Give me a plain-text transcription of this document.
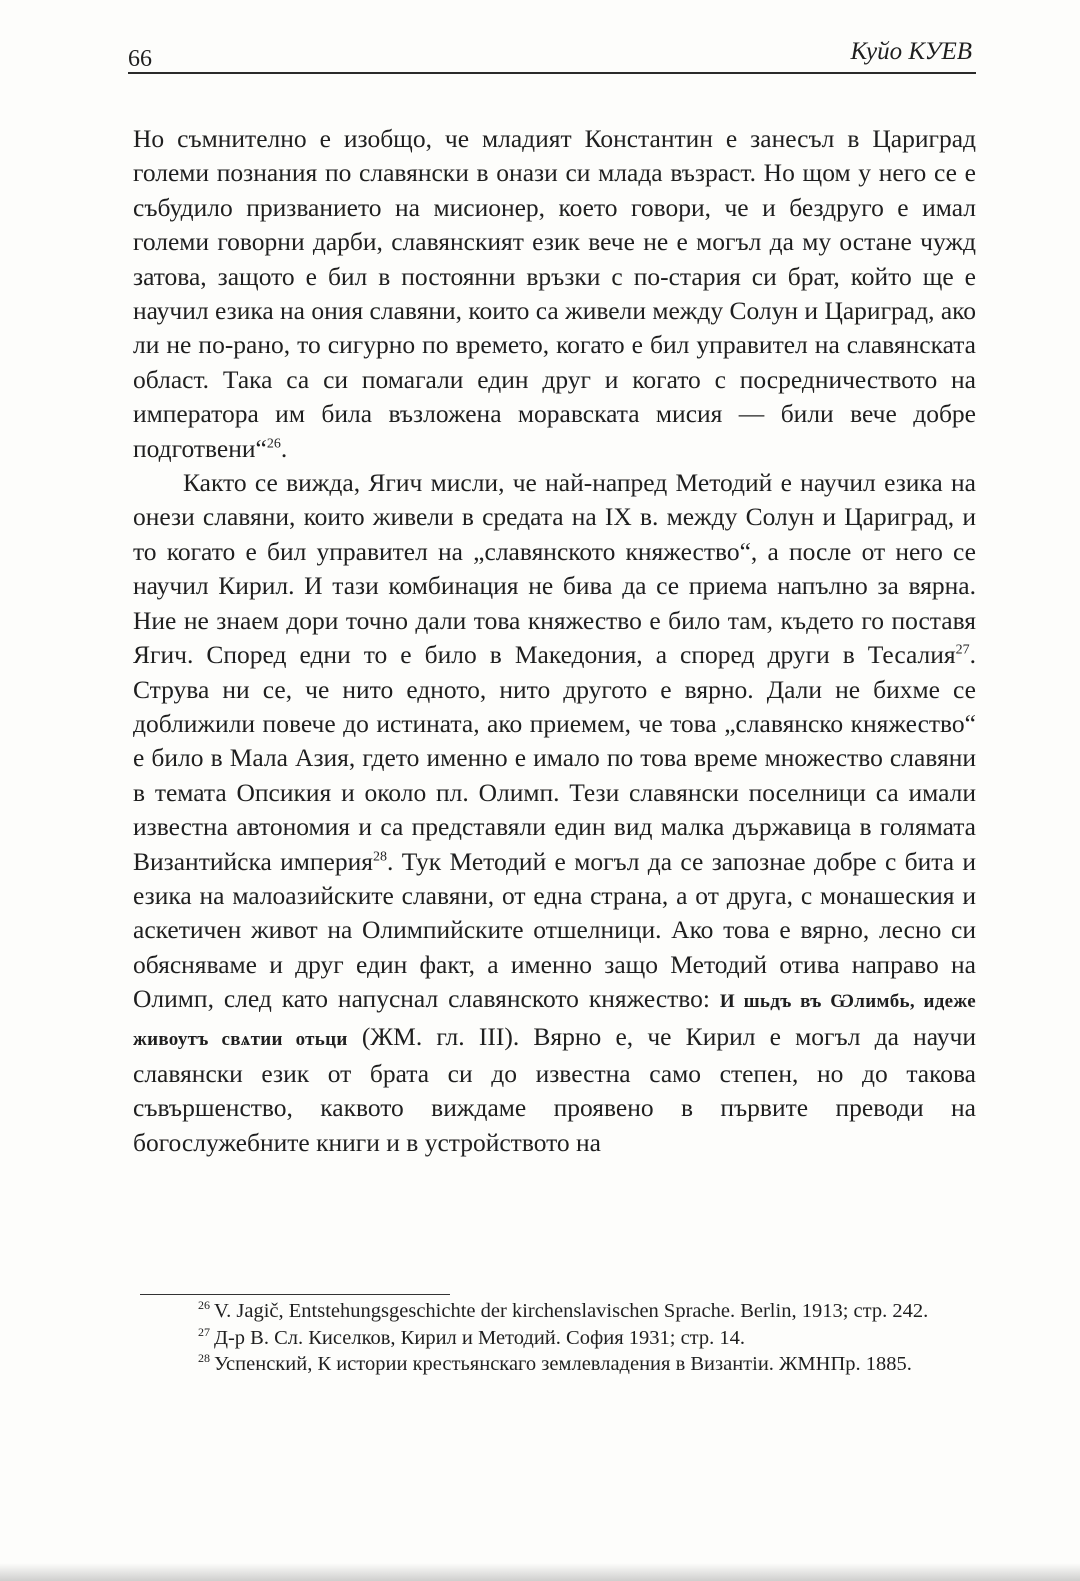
66	Куйо КУЕВ

Но съмнително е изобщо, че младият Константин е занесъл в Цариград големи познания по славянски в онази си млада възраст. Но щом у него се е събудило призванието на мисионер, което говори, че и бездруго е имал големи говорни дарби, славянският език вече не е могъл да му остане чужд затова, защото е бил в постоянни връзки с по-стария си брат, който ще е научил езика на ония славяни, които са живели между Солун и Цариград, ако ли не по-рано, то сигурно по времето, когато е бил управител на славянската област. Така са си помагали един друг и когато с посредничеството на императора им била възложена моравската мисия — били вече добре подготвени“$^{26}$.

Както се вижда, Ягич мисли, че най-напред Методий е научил езика на онези славяни, които живели в средата на IX в. между Солун и Цариград, и то когато е бил управител на „славянското княжество“, а после от него се научил Кирил. И тази комбинация не бива да се приема напълно за вярна. Ние не знаем дори точно дали това княжество е било там, където го поставя Ягич. Според едни то е било в Македония, а според други в Тесалия$^{27}$. Струва ни се, че нито едното, нито другото е вярно. Дали не бихме се доближили повече до истината, ако приемем, че това „славянско княжество“ е било в Мала Азия, гдето именно е имало по това време множество славяни в темата Опсикия и около пл. Олимп. Тези славянски поселници са имали известна автономия и са представяли един вид малка държавица в голямата Византийска империя$^{28}$. Тук Методий е могъл да се запознае добре с бита и езика на малоазийските славяни, от една страна, а от друга, с монашеския и аскетичен живот на Олимпийските отшелници. Ако това е вярно, лесно си обясняваме и друг един факт, а именно защо Методий отива направо на Олимп, след като напуснал славянското княжество: И шьдъ въ Ѡлимбь, идеже живоутъ свѧтии отьци (ЖМ. гл. III). Вярно е, че Кирил е могъл да научи славянски език от брата си до известна само степен, но до такова съвършенство, каквото виждаме проявено в първите преводи на богослужебните книги и в устройството на

$^{26}$ V. Jagič, Entstehungsgeschichte der kirchenslavischen Sprache. Berlin, 1913; стр. 242.

$^{27}$ Д-р В. Сл. Киселков, Кирил и Методий. София 1931; стр. 14.

$^{28}$ Успенский, К истории крестьянскаго землевладения в Византiи. ЖМНПр. 1885.
